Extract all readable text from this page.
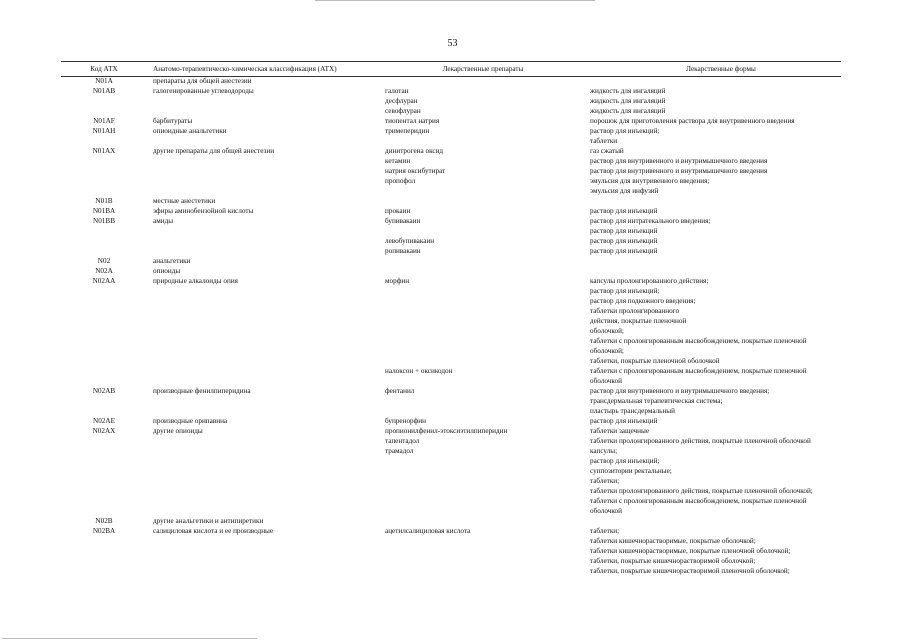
53
Код АТХ	Анатомо-терапевтическо-химическая классификация (АТХ)	Лекарственные препараты	Лекарственные формы
N01A	препараты для общей анестезии
N01AB	галогенированные углеводороды	галотан	жидкость для ингаляций
десфлуран	жидкость для ингаляций
севофлуран	жидкость для ингаляций
N01AF	барбитураты	тиопентал натрия	порошок для приготовления раствора для внутривенного введения
N01AH	опиоидные анальгетики	тримеперидин	раствор для инъекций;
таблетки
N01AX	другие препараты для общей анестезии	динитрогена оксид	газ сжатый
кетамин	раствор для внутривенного и внутримышечного введения
натрия оксибутират	раствор для внутривенного и внутримышечного введения
пропофол	эмульсия для внутривенного введения;
эмульсия для инфузий
N01B	местные анестетики
N01BA	эфиры аминобензойной кислоты	прокаин	раствор для инъекций
N01BB	амиды	бупивакаин	раствор для интратекального введения;
раствор для инъекций
левобупивакаин	раствор для инъекций
ропивакаин	раствор для инъекций
N02	анальгетики
N02A	опиоиды
N02AA	природные алкалоиды опия	морфин	капсулы пролонгированного действия;
раствор для инъекций;
раствор для подкожного введения;
таблетки пролонгированного
действия, покрытые пленочной
оболочкой;
таблетки с пролонгированным высвобождением, покрытые пленочной
оболочкой;
таблетки, покрытые пленочной оболочкой
налоксон + оксикодон	таблетки с пролонгированным высвобождением, покрытые пленочной
оболочкой
N02AB	производные фенилпиперидина	фентанил	раствор для внутривенного и внутримышечного введения;
трансдермальная терапевтическая система;
пластырь трансдермальный
N02AE	производные орипавина	бупренорфин	раствор для инъекций
N02AX	другие опиоиды	пропионилфенил-этоксиэтилпиперидин	таблетки защечные
тапентадол	таблетки пролонгированного действия, покрытые пленочной оболочкой
трамадол	капсулы;
раствор для инъекций;
суппозитории ректальные;
таблетки;
таблетки пролонгированного действия, покрытые пленочной оболочкой;
таблетки с пролонгированным высвобождением, покрытые пленочной
оболочкой
N02B	другие анальгетики и антипиретики
N02BA	салициловая кислота и ее производные	ацетилсалициловая кислота	таблетки;
таблетки кишечнорастворимые, покрытые оболочкой;
таблетки кишечнорастворимые, покрытые пленочной оболочкой;
таблетки, покрытые кишечнорастворимой оболочкой;
таблетки, покрытые кишечнорастворимой пленочной оболочкой;
